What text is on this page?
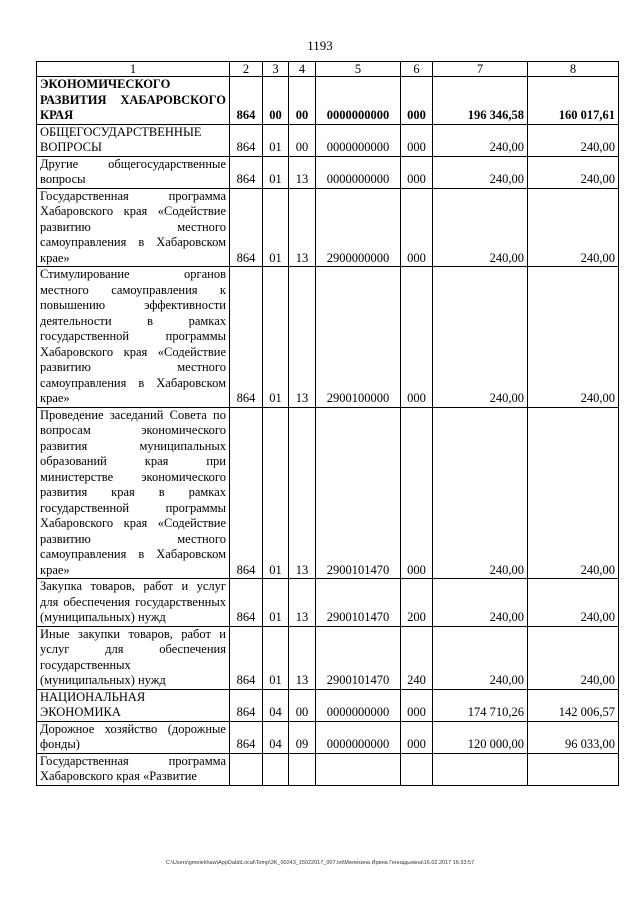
1193
1	2	3	4	5	6	7	8
ЭКОНОМИЧЕСКОГО РАЗВИТИЯ ХАБАРОВСКОГО КРАЯ	864	00	00	0000000000	000	196 346,58	160 017,61
ОБЩЕГОСУДАРСТВЕННЫЕ ВОПРОСЫ	864	01	00	0000000000	000	240,00	240,00
Другие общегосударственные вопросы	864	01	13	0000000000	000	240,00	240,00
Государственная программа Хабаровского края «Содействие развитию местного самоуправления в Хабаровском крае»	864	01	13	2900000000	000	240,00	240,00
Стимулирование органов местного самоуправления к повышению эффективности деятельности в рамках государственной программы Хабаровского края «Содействие развитию местного самоуправления в Хабаровском крае»	864	01	13	2900100000	000	240,00	240,00
Проведение заседаний Совета по вопросам экономического развития муниципальных образований края при министерстве экономического развития края в рамках государственной программы Хабаровского края «Содействие развитию местного самоуправления в Хабаровском крае»	864	01	13	2900101470	000	240,00	240,00
Закупка товаров, работ и услуг для обеспечения государственных (муниципальных) нужд	864	01	13	2900101470	200	240,00	240,00
Иные закупки товаров, работ и услуг для обеспечения государственных (муниципальных) нужд	864	01	13	2900101470	240	240,00	240,00
НАЦИОНАЛЬНАЯ ЭКОНОМИКА	864	04	00	0000000000	000	174 710,26	142 006,57
Дорожное хозяйство (дорожные фонды)	864	04	09	0000000000	000	120 000,00	96 033,00
Государственная программа Хабаровского края «Развитие							
C:\Users\gmelekhaw\AppData\Local\Temp\3K_00243_15022017_007.txt\Мелехина Ирина Геннадьевна\16.02.2017 16:33:57
